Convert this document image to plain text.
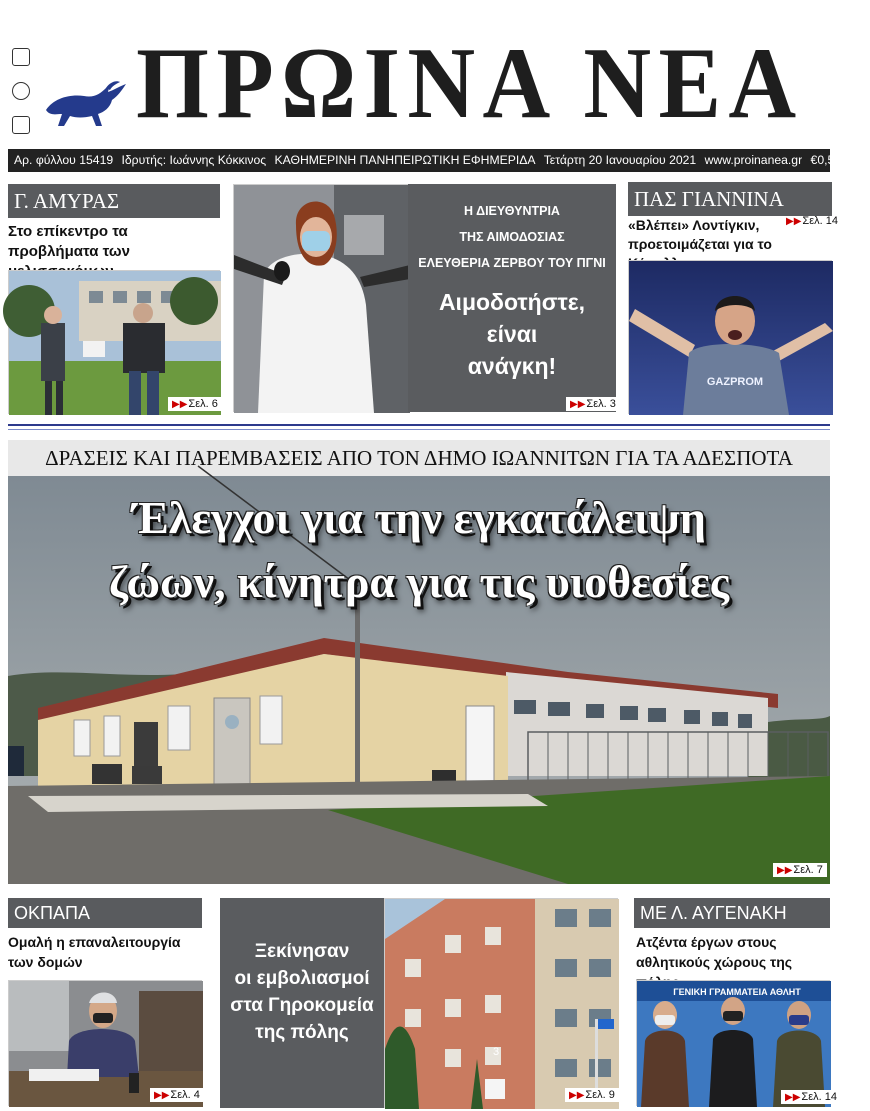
ΠΡΩΙΝΑ ΝΕΑ
Αρ. φύλλου 15419 Ιδρυτής: Ιωάννης Κόκκινος ΚΑΘΗΜΕΡΙΝΗ ΠΑΝΗΠΕΙΡΩΤΙΚΗ ΕΦΗΜΕΡΙΔΑ Τετάρτη 20 Ιανουαρίου 2021 www.proinanea.gr €0,50
Γ. ΑΜΥΡΑΣ
Στο επίκεντρο τα προβλήματα των
▶▶Σελ. 6
Η ΔΙΕΥΘΥΝΤΡΙΑ
ΤΗΣ ΑΙΜΟΔΟΣΙΑΣ
ΕΛΕΥΘΕΡΙΑ ΖΕΡΒΟΥ ΤΟΥ ΠΓΝΙ
Αιμοδοτήστε,
είναι
ανάγκη!
▶▶Σελ. 3
ΠΑΣ ΓΙΑΝΝΙΝΑ
«Βλέπει» Λοντίγκιν, προετοιμάζεται για το
▶▶Σελ. 14
GAZPROM
ΔΡΑΣΕΙΣ ΚΑΙ ΠΑΡΕΜΒΑΣΕΙΣ ΑΠΟ ΤΟΝ ΔΗΜΟ ΙΩΑΝΝΙΤΩΝ ΓΙΑ ΤΑ ΑΔΕΣΠΟΤΑ
Έλεγχοι για την εγκατάλειψη
ζώων, κίνητρα για τις υιοθεσίες
▶▶Σελ. 7
ΟΚΠΑΠΑ
Ομαλή η επαναλειτουργία των δομών
▶▶Σελ. 4
Ξεκίνησαν
οι εμβολιασμοί
στα Γηροκομεία
της πόλης
3
▶▶Σελ. 9
ΜΕ Λ. ΑΥΓΕΝΑΚΗ
Ατζέντα έργων στους αθλητικούς χώρους της
ΓΕΝΙΚΗ ΓΡΑΜΜΑΤΕΙΑ ΑΘΛΗΤ
▶▶Σελ. 14
